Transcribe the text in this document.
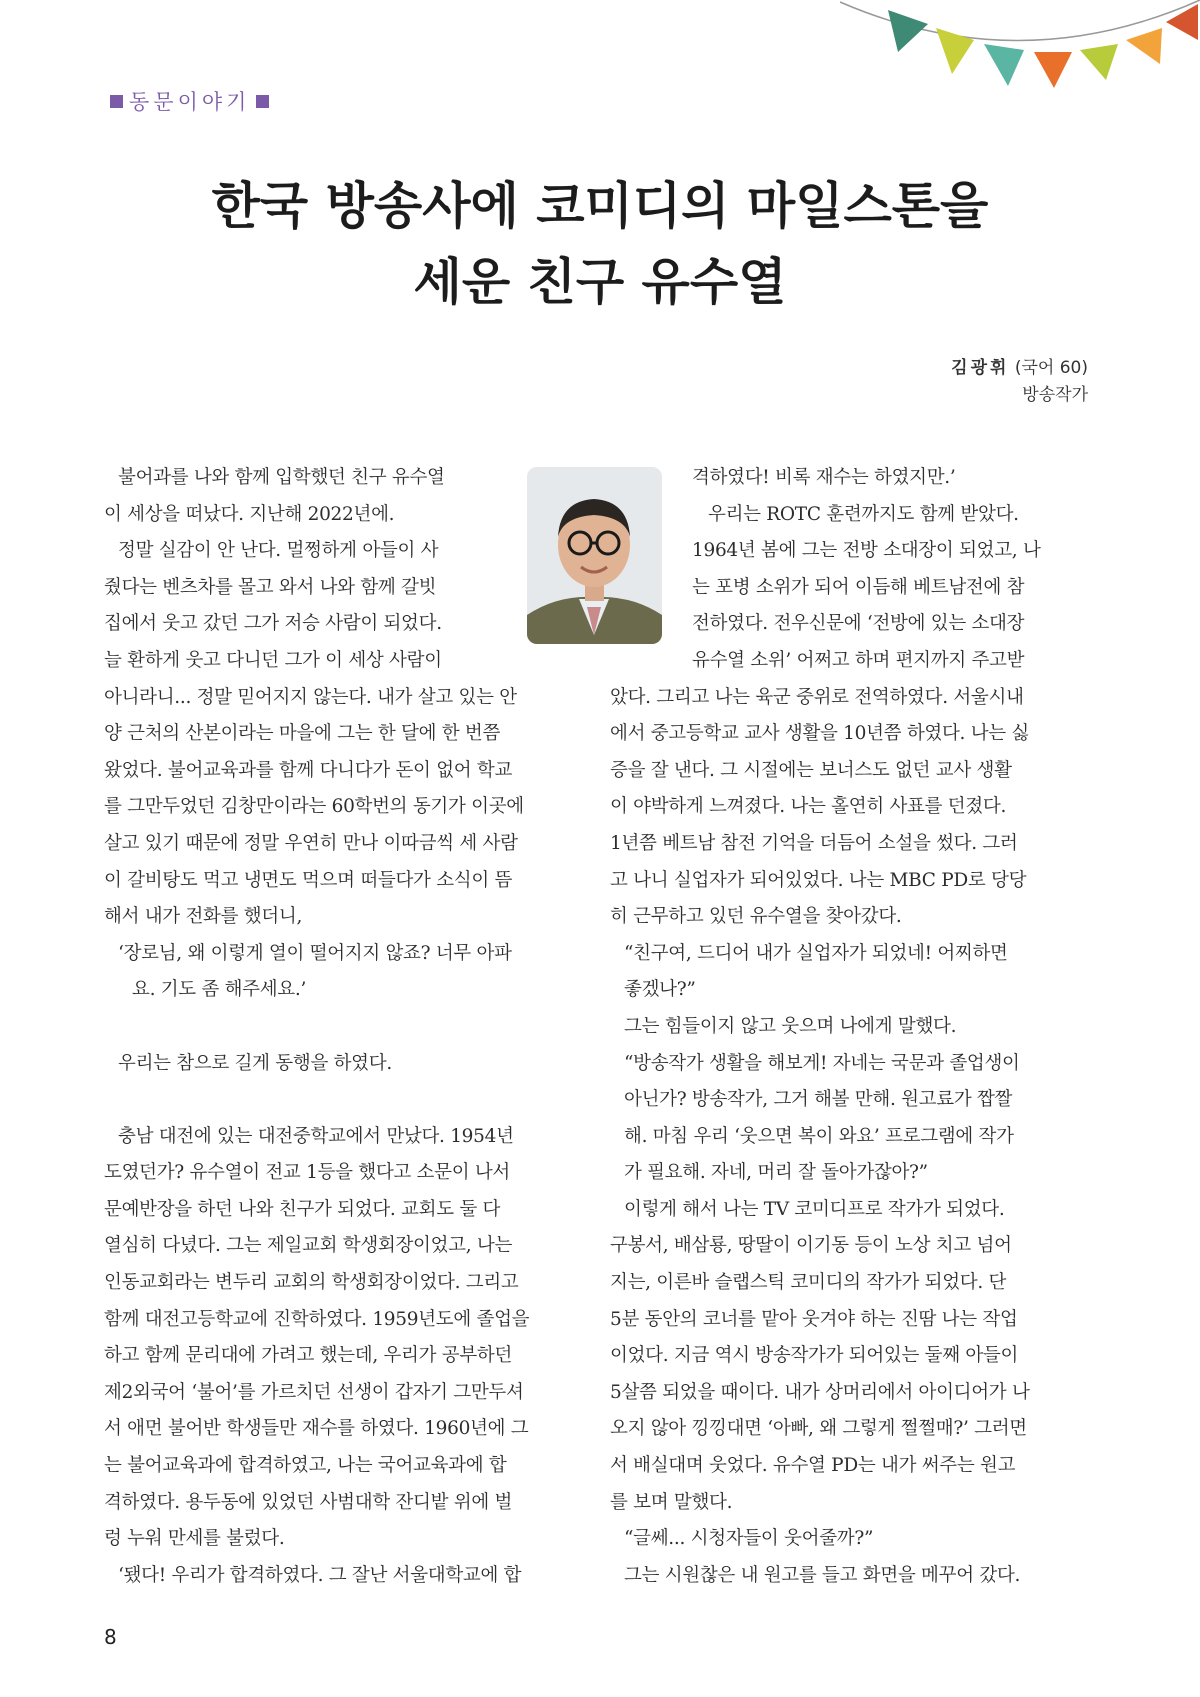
동문이야기
한국 방송사에 코미디의 마일스톤을
세운 친구 유수열
김광휘 (국어 60)
방송작가

불어과를 나와 함께 입학했던 친구 유수열

이 세상을 떠났다. 지난해 2022년에.

정말 실감이 안 난다. 멀쩡하게 아들이 사

줬다는 벤츠차를 몰고 와서 나와 함께 갈빗

집에서 웃고 갔던 그가 저승 사람이 되었다.

늘 환하게 웃고 다니던 그가 이 세상 사람이

아니라니... 정말 믿어지지 않는다. 내가 살고 있는 안

양 근처의 산본이라는 마을에 그는 한 달에 한 번쯤

왔었다. 불어교육과를 함께 다니다가 돈이 없어 학교

를 그만두었던 김창만이라는 60학번의 동기가 이곳에

살고 있기 때문에 정말 우연히 만나 이따금씩 세 사람

이 갈비탕도 먹고 냉면도 먹으며 떠들다가 소식이 뜸

해서 내가 전화를 했더니,

‘장로님, 왜 이렇게 열이 떨어지지 않죠? 너무 아파

요. 기도 좀 해주세요.’

우리는 참으로 길게 동행을 하였다.

충남 대전에 있는 대전중학교에서 만났다. 1954년

도였던가? 유수열이 전교 1등을 했다고 소문이 나서

문예반장을 하던 나와 친구가 되었다. 교회도 둘 다

열심히 다녔다. 그는 제일교회 학생회장이었고, 나는

인동교회라는 변두리 교회의 학생회장이었다. 그리고

함께 대전고등학교에 진학하였다. 1959년도에 졸업을

하고 함께 문리대에 가려고 했는데, 우리가 공부하던

제2외국어 ‘불어’를 가르치던 선생이 갑자기 그만두셔

서 애먼 불어반 학생들만 재수를 하였다. 1960년에 그

는 불어교육과에 합격하였고, 나는 국어교육과에 합

격하였다. 용두동에 있었던 사범대학 잔디밭 위에 벌

렁 누워 만세를 불렀다.

‘됐다! 우리가 합격하였다. 그 잘난 서울대학교에 합

격하였다! 비록 재수는 하였지만.’

우리는 ROTC 훈련까지도 함께 받았다.

1964년 봄에 그는 전방 소대장이 되었고, 나

는 포병 소위가 되어 이듬해 베트남전에 참

전하였다. 전우신문에 ‘전방에 있는 소대장

유수열 소위’ 어쩌고 하며 편지까지 주고받

았다. 그리고 나는 육군 중위로 전역하였다. 서울시내

에서 중고등학교 교사 생활을 10년쯤 하였다. 나는 싫

증을 잘 낸다. 그 시절에는 보너스도 없던 교사 생활

이 야박하게 느껴졌다. 나는 홀연히 사표를 던졌다.

1년쯤 베트남 참전 기억을 더듬어 소설을 썼다. 그러

고 나니 실업자가 되어있었다. 나는 MBC PD로 당당

히 근무하고 있던 유수열을 찾아갔다.

“친구여, 드디어 내가 실업자가 되었네! 어찌하면

좋겠나?”

그는 힘들이지 않고 웃으며 나에게 말했다.

“방송작가 생활을 해보게! 자네는 국문과 졸업생이

아닌가? 방송작가, 그거 해볼 만해. 원고료가 짭짤

해. 마침 우리 ‘웃으면 복이 와요’ 프로그램에 작가

가 필요해. 자네, 머리 잘 돌아가잖아?”

이렇게 해서 나는 TV 코미디프로 작가가 되었다.

구봉서, 배삼룡, 땅딸이 이기동 등이 노상 치고 넘어

지는, 이른바 슬랩스틱 코미디의 작가가 되었다. 단

5분 동안의 코너를 맡아 웃겨야 하는 진땀 나는 작업

이었다. 지금 역시 방송작가가 되어있는 둘째 아들이

5살쯤 되었을 때이다. 내가 상머리에서 아이디어가 나

오지 않아 낑낑대면 ‘아빠, 왜 그렇게 쩔쩔매?’ 그러면

서 배실대며 웃었다. 유수열 PD는 내가 써주는 원고

를 보며 말했다.

“글쎄... 시청자들이 웃어줄까?”

그는 시원찮은 내 원고를 들고 화면을 메꾸어 갔다.

8
